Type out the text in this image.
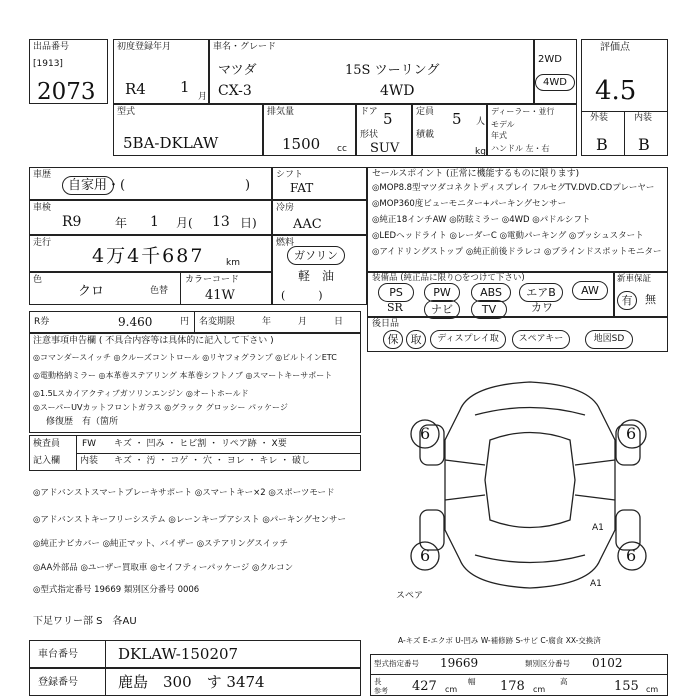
出品番号
[1913]
2073
初度登録年月
R4 1
月
車名・グレード
マツダ	15S ツーリング
CX-3	4WD
2WD
4WD
評価点
4.5
外装	内装
B B
型式
5BA-DKLAW
排気量
1500 cc
ドア 5
形状
SUV
定員 5 人
積載
kg
ディーラー・並行
モデル
年式
ハンドル 左・右
車歴
自家用・(	)
車検
R9	年 1 月( 13 日)
走行
4万4千687 km
色
クロ	色替
カラーコード
41W
シフト
FAT
冷房
AAC
燃料
ガソリン
軽　油
(　　　)
セールスポイント (正常に機能するものに限ります)
◎MOP8.8型マツダコネクトディスプレイ フルセグTV.DVD.CDプレーヤー
◎MOP360度ビューモニター+パーキングセンサー
◎純正18インチAW ◎防眩ミラー ◎4WD ◎パドルシフト
◎LEDヘッドライト ◎レーダーC ◎電動パーキング ◎プッシュスタート
◎アイドリングストップ ◎純正前後ドラレコ ◎ブラインドスポットモニター
装備品 (純正品に限り○をつけて下さい)
PS	PW	ABS	エアB	AW
SR	ナビ	TV	カワ
新車保証
有	無
後日品
保	取	ディスプレイ取	スペアキー	地図SD
R券	9.460	円 名変期限	年　　　月　　　日
注意事項申告欄 ( 不具合内容等は具体的に記入して下さい )
◎コマンダースイッチ ◎クルーズコントロール ◎リヤフォグランプ ◎ビルトインETC
◎電動格納ミラー ◎本革巻ステアリング 本革巻シフトノブ ◎スマートキーサポート
◎1.5Lスカイアクティブガソリンエンジン ◎オートホールド
◎スーパーUVカットフロントガラス ◎グラック グロッシー パッケージ
修復歴　有（箇所
検査員
記入欄
FW キズ ・ 凹み ・ ヒビ割 ・ リペア跡 ・ X要
内装 キズ ・ 汚 ・ コゲ ・ 穴 ・ ヨレ ・ キレ ・ 破し
◎アドバンストスマートブレーキサポート ◎スマートキー×2 ◎スポーツモード
◎アドバンストキーフリーシステム ◎レーンキープアシスト ◎パーキングセンサー
◎純正ナビカバー ◎純正マット、バイザー ◎ステアリングスイッチ
◎AA外部品 ◎ユーザー買取車 ◎セイフティーパッケージ ◎クルコン
◎型式指定番号 19669 類別区分番号 0006
下足ワリー部 S　各AU
6	6
6	6
A1
A1
スペア
A-キズ E-エクボ U-凹み W-補修跡 S-サビ C-腐食 XX-交換済
車台番号	DKLAW-150207
登録番号	鹿島　300　す 3474
型式指定番号 19669	類別区分番号 0102
長
参考 427 cm
幅 178 cm
高	155 cm
